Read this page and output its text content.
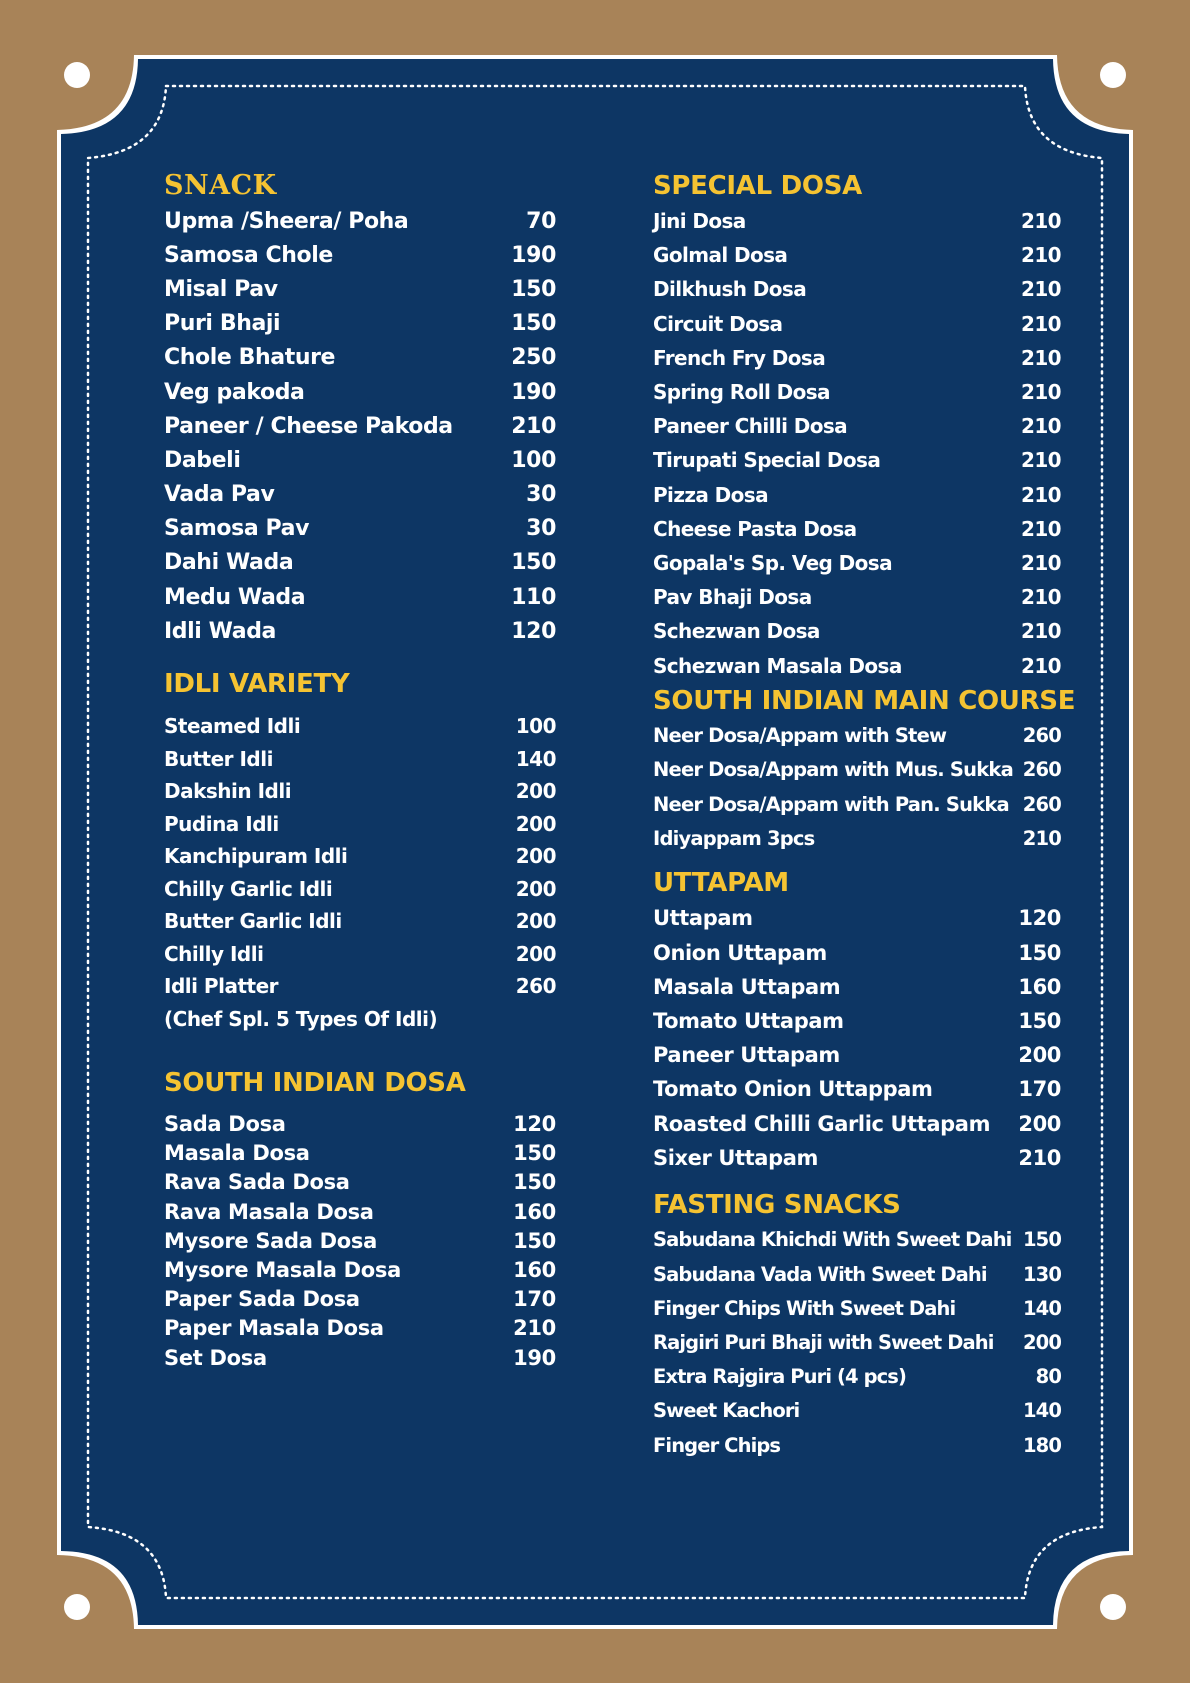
SNACK
Upma /Sheera/ Poha	70
Samosa Chole	190
Misal Pav	150
Puri Bhaji	150
Chole Bhature	250
Veg pakoda	190
Paneer / Cheese Pakoda	210
Dabeli	100
Vada Pav	30
Samosa Pav	30
Dahi Wada	150
Medu Wada	110
Idli Wada	120
IDLI VARIETY
Steamed Idli	100
Butter Idli	140
Dakshin Idli	200
Pudina Idli	200
Kanchipuram Idli	200
Chilly Garlic Idli	200
Butter Garlic Idli	200
Chilly Idli	200
Idli Platter	260
(Chef Spl. 5 Types Of Idli)
SOUTH INDIAN DOSA
Sada Dosa	120
Masala Dosa	150
Rava Sada Dosa	150
Rava Masala Dosa	160
Mysore Sada Dosa	150
Mysore Masala Dosa	160
Paper Sada Dosa	170
Paper Masala Dosa	210
Set Dosa	190
SPECIAL DOSA
Jini Dosa	210
Golmal Dosa	210
Dilkhush Dosa	210
Circuit Dosa	210
French Fry Dosa	210
Spring Roll Dosa	210
Paneer Chilli Dosa	210
Tirupati Special Dosa	210
Pizza Dosa	210
Cheese Pasta Dosa	210
Gopala's Sp. Veg Dosa	210
Pav Bhaji Dosa	210
Schezwan Dosa	210
Schezwan Masala Dosa	210
SOUTH INDIAN MAIN COURSE
Neer Dosa/Appam with Stew	260
Neer Dosa/Appam with Mus. Sukka 260
Neer Dosa/Appam with Pan. Sukka 260
Idiyappam 3pcs	210
UTTAPAM
Uttapam	120
Onion Uttapam	150
Masala Uttapam	160
Tomato Uttapam	150
Paneer Uttapam	200
Tomato Onion Uttappam	170
Roasted Chilli Garlic Uttapam 200
Sixer Uttapam	210
FASTING SNACKS
Sabudana Khichdi With Sweet Dahi 150
Sabudana Vada With Sweet Dahi 130
Finger Chips With Sweet Dahi	140
Rajgiri Puri Bhaji with Sweet Dahi 200
Extra Rajgira Puri (4 pcs)	80
Sweet Kachori	140
Finger Chips	180
